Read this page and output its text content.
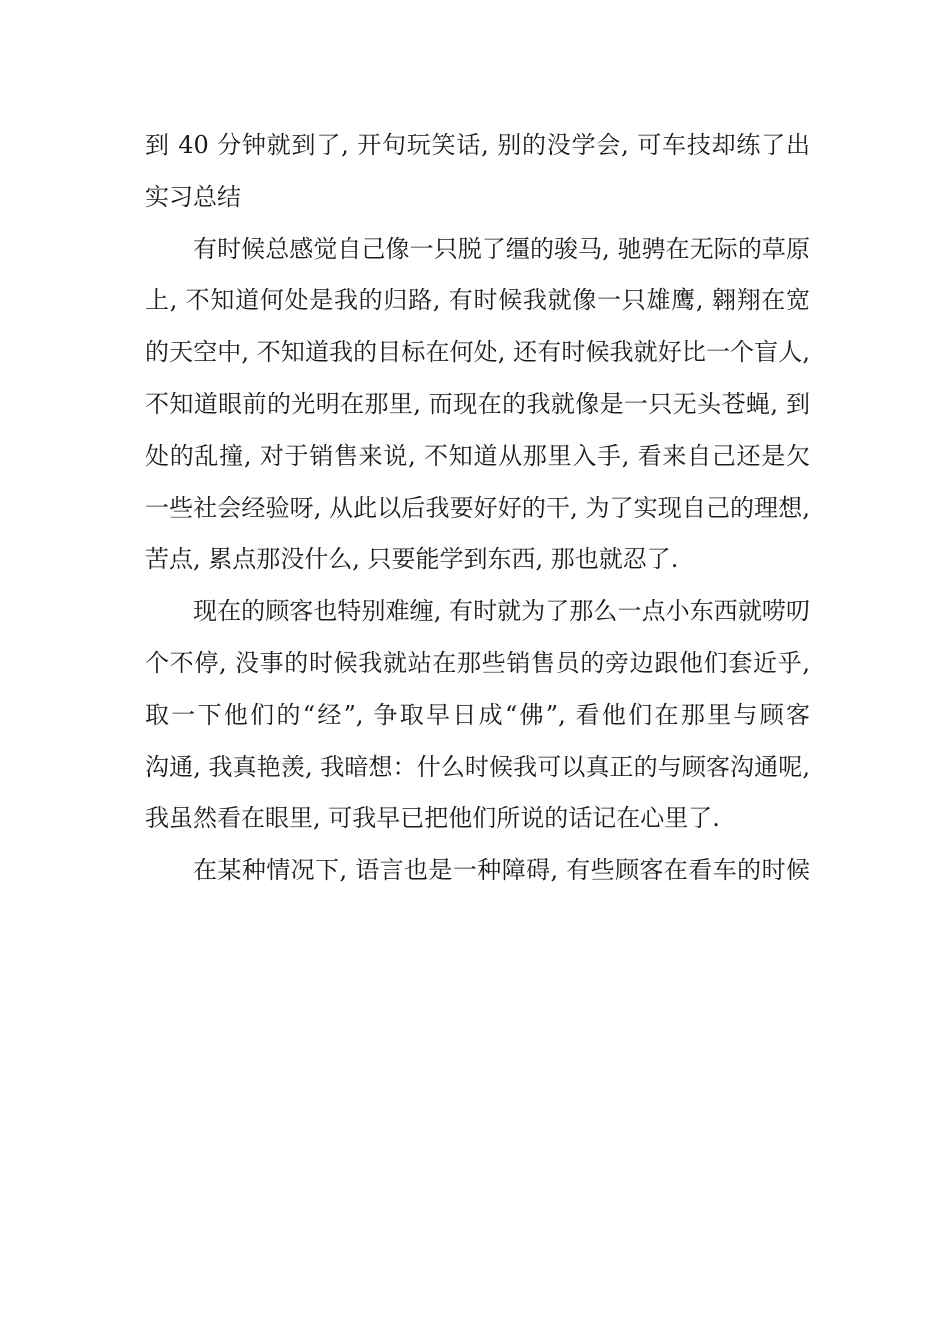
到 40 分钟就到了, 开句玩笑话, 别的没学会, 可车技却练了出
实习总结
有时候总感觉自己像一只脱了缰的骏马, 驰骋在无际的草原
上, 不知道何处是我的归路, 有时候我就像一只雄鹰, 翱翔在宽
的天空中, 不知道我的目标在何处, 还有时候我就好比一个盲人,
不知道眼前的光明在那里, 而现在的我就像是一只无头苍蝇, 到
处的乱撞, 对于销售来说, 不知道从那里入手, 看来自己还是欠
一些社会经验呀, 从此以后我要好好的干, 为了实现自己的理想,
苦点, 累点那没什么, 只要能学到东西, 那也就忍了.
现在的顾客也特别难缠, 有时就为了那么一点小东西就唠叨
个不停, 没事的时候我就站在那些销售员的旁边跟他们套近乎,
取一下他们的“经”, 争取早日成“佛”, 看他们在那里与顾客
沟通, 我真艳羡, 我暗想：什么时候我可以真正的与顾客沟通呢,
我虽然看在眼里, 可我早已把他们所说的话记在心里了.
在某种情况下, 语言也是一种障碍, 有些顾客在看车的时候
